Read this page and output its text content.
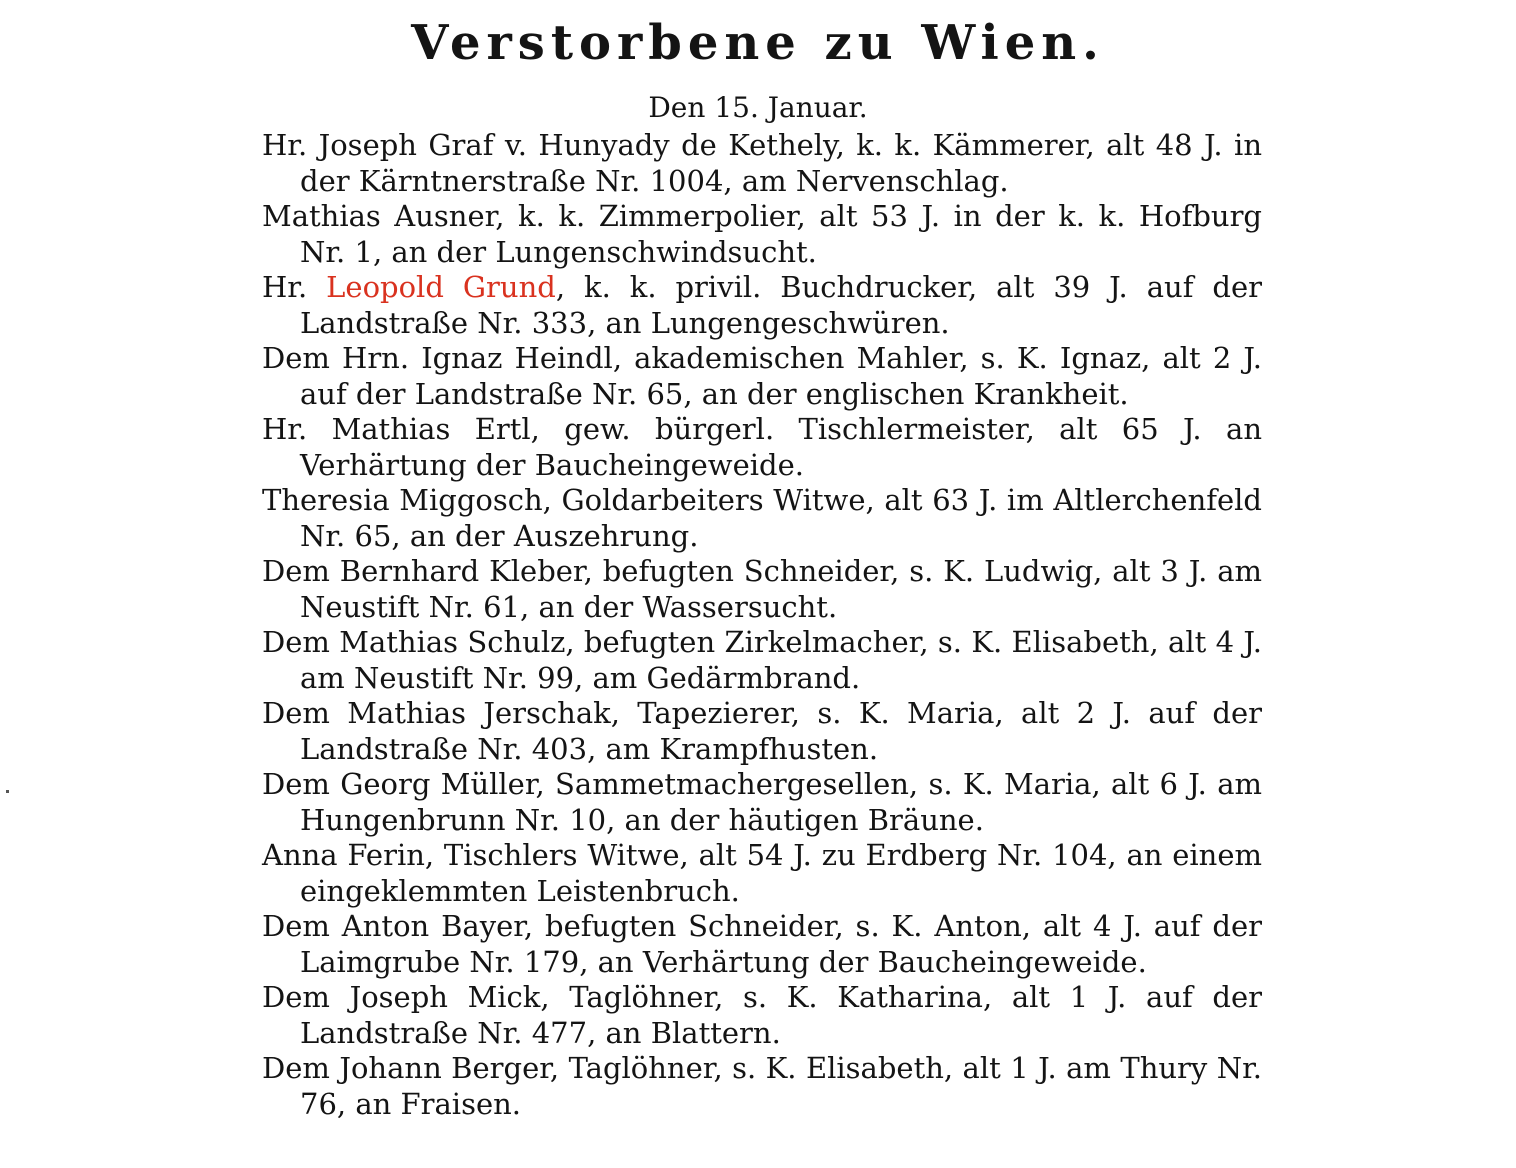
Verstorbene zu Wien.
Den 15. Januar.
Hr. Joseph Graf v. Hunyady de Kethely, k. k. Kämmerer, alt 48 J. in der Kärntnerstraße Nr. 1004, am Nervenschlag.
Mathias Ausner, k. k. Zimmerpolier, alt 53 J. in der k. k. Hofburg Nr. 1, an der Lungenschwindsucht.
Hr. Leopold Grund, k. k. privil. Buchdrucker, alt 39 J. auf der Landstraße Nr. 333, an Lungengeschwüren.
Dem Hrn. Ignaz Heindl, akademischen Mahler, s. K. Ignaz, alt 2 J. auf der Landstraße Nr. 65, an der englischen Krankheit.
Hr. Mathias Ertl, gew. bürgerl. Tischlermeister, alt 65 J. an Verhärtung der Baucheingeweide.
Theresia Miggosch, Goldarbeiters Witwe, alt 63 J. im Altlerchenfeld Nr. 65, an der Auszehrung.
Dem Bernhard Kleber, befugten Schneider, s. K. Ludwig, alt 3 J. am Neustift Nr. 61, an der Wassersucht.
Dem Mathias Schulz, befugten Zirkelmacher, s. K. Elisabeth, alt 4 J. am Neustift Nr. 99, am Gedärmbrand.
Dem Mathias Jerschak, Tapezierer, s. K. Maria, alt 2 J. auf der Landstraße Nr. 403, am Krampfhusten.
Dem Georg Müller, Sammetmachergesellen, s. K. Maria, alt 6 J. am Hungenbrunn Nr. 10, an der häutigen Bräune.
Anna Ferin, Tischlers Witwe, alt 54 J. zu Erdberg Nr. 104, an einem eingeklemmten Leistenbruch.
Dem Anton Bayer, befugten Schneider, s. K. Anton, alt 4 J. auf der Laimgrube Nr. 179, an Verhärtung der Baucheingeweide.
Dem Joseph Mick, Taglöhner, s. K. Katharina, alt 1 J. auf der Landstraße Nr. 477, an Blattern.
Dem Johann Berger, Taglöhner, s. K. Elisabeth, alt 1 J. am Thury Nr. 76, an Fraisen.
